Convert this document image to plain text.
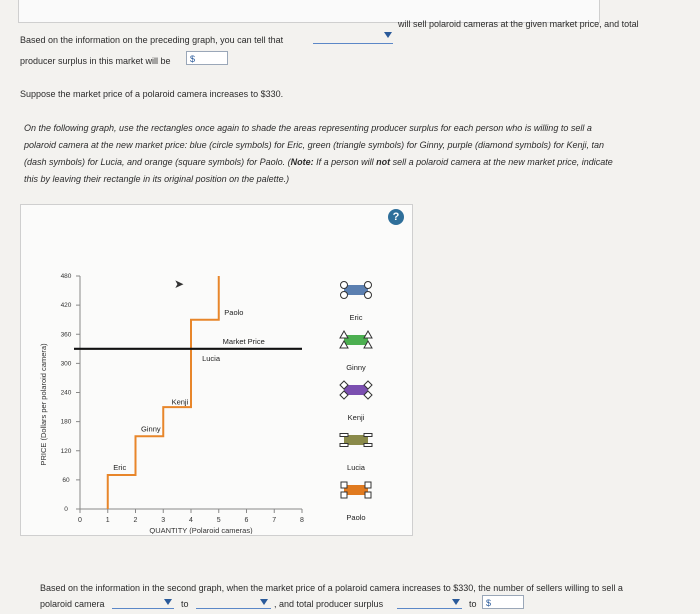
Based on the information on the preceding graph, you can tell that
will sell polaroid cameras at the given market price, and total
producer surplus in this market will be	$
Suppose the market price of a polaroid camera increases to $330.
On the following graph, use the rectangles once again to shade the areas representing producer surplus for each person who is willing to sell a
polaroid camera at the new market price: blue (circle symbols) for Eric, green (triangle symbols) for Ginny, purple (diamond symbols) for Kenji, tan
(dash symbols) for Lucia, and orange (square symbols) for Paolo. (Note: If a person will not sell a polaroid camera at the new market price, indicate
this by leaving their rectangle in its original position on the palette.)
?
0	1	2	3	4	5	6	7	8
0
60
120
180
240
300
360
420
480
QUANTITY (Polaroid cameras)
PRICE (Dollars per polaroid camera)
Market Price
Eric
Ginny
Kenji
Lucia
Paolo
Eric
Ginny
Kenji
Lucia
Paolo
➤
Based on the information in the second graph, when the market price of a polaroid camera increases to $330, the number of sellers willing to sell a
polaroid camera	to	, and total producer surplus	to	$
